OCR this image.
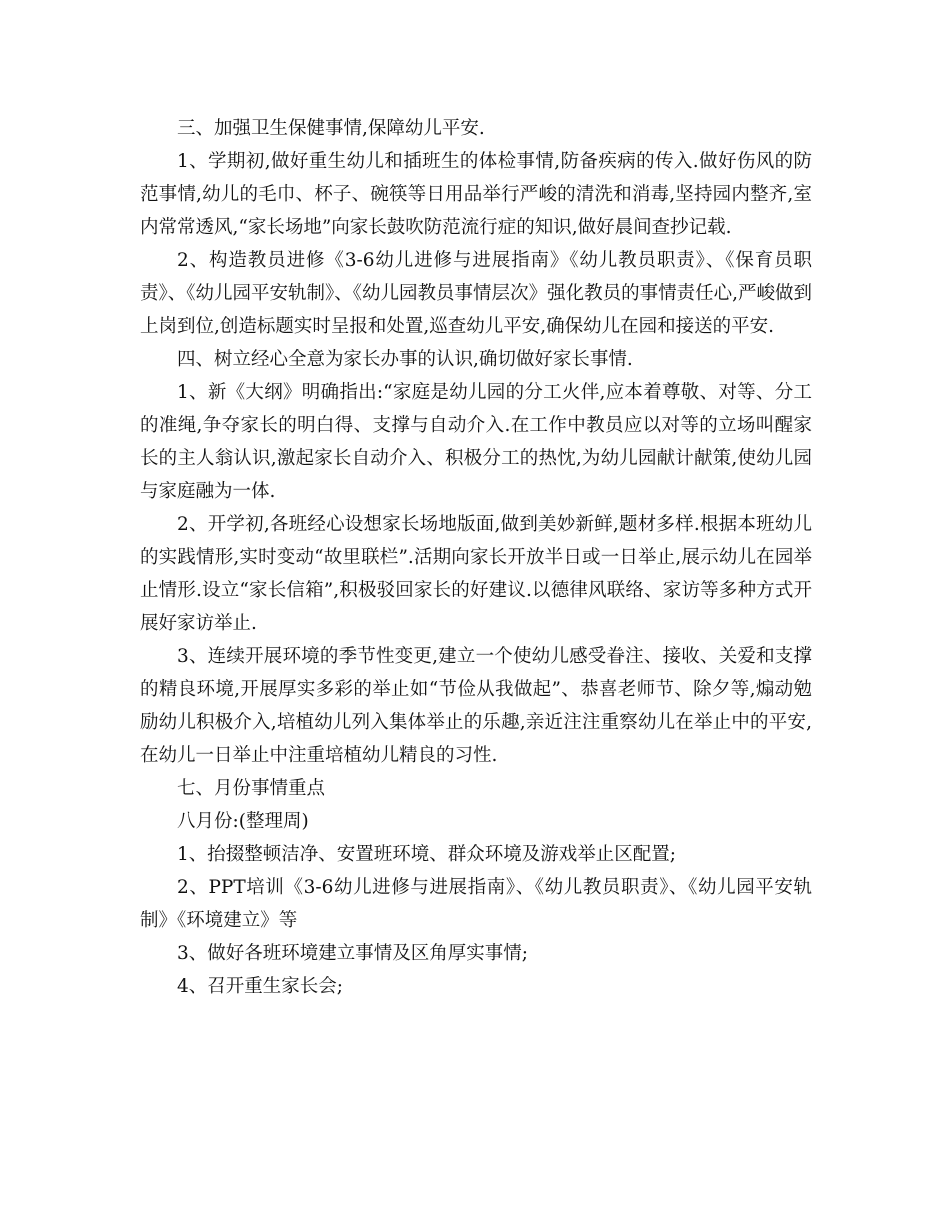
三、加强卫生保健事情,保障幼儿平安.

1、学期初,做好重生幼儿和插班生的体检事情,防备疾病的传入.做好伤风的防范事情,幼儿的毛巾、杯子、碗筷等日用品举行严峻的清洗和消毒,坚持园内整齐,室内常常透风,“家长场地”向家长鼓吹防范流行症的知识,做好晨间查抄记载.

2、构造教员进修《3-6幼儿进修与进展指南》《幼儿教员职责》、《保育员职责》、《幼儿园平安轨制》、《幼儿园教员事情层次》强化教员的事情责任心,严峻做到上岗到位,创造标题实时呈报和处置,巡查幼儿平安,确保幼儿在园和接送的平安.

四、树立经心全意为家长办事的认识,确切做好家长事情.

1、新《大纲》明确指出:“家庭是幼儿园的分工火伴,应本着尊敬、对等、分工的准绳,争夺家长的明白得、支撑与自动介入.在工作中教员应以对等的立场叫醒家长的主人翁认识,激起家长自动介入、积极分工的热忱,为幼儿园献计献策,使幼儿园与家庭融为一体.

2、开学初,各班经心设想家长场地版面,做到美妙新鲜,题材多样.根据本班幼儿的实践情形,实时变动“故里联栏”.活期向家长开放半日或一日举止,展示幼儿在园举止情形.设立“家长信箱”,积极驳回家长的好建议.以德律风联络、家访等多种方式开展好家访举止.

3、连续开展环境的季节性变更,建立一个使幼儿感受眷注、接收、关爱和支撑的精良环境,开展厚实多彩的举止如“节俭从我做起”、恭喜老师节、除夕等,煽动勉励幼儿积极介入,培植幼儿列入集体举止的乐趣,亲近注注重察幼儿在举止中的平安,在幼儿一日举止中注重培植幼儿精良的习性.

七、月份事情重点

八月份:(整理周)

1、抬掇整顿洁净、安置班环境、群众环境及游戏举止区配置;

2、PPT培训《3-6幼儿进修与进展指南》、《幼儿教员职责》、《幼儿园平安轨制》《环境建立》等

3、做好各班环境建立事情及区角厚实事情;

4、召开重生家长会;
